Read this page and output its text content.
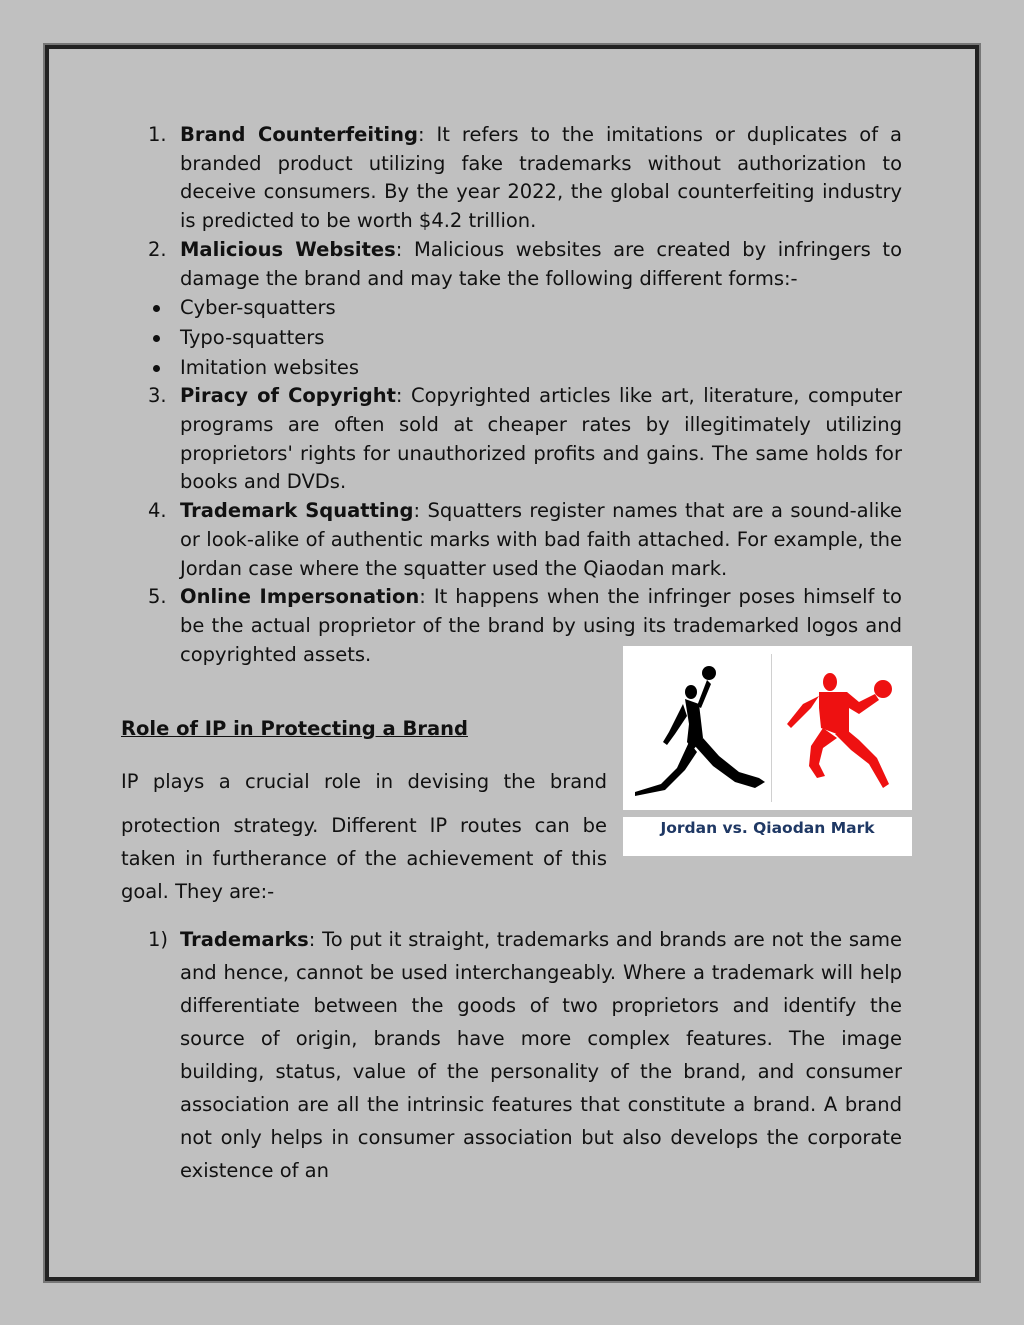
1. Brand Counterfeiting: It refers to the imitations or duplicates of a branded product utilizing fake trademarks without authorization to deceive consumers. By the year 2022, the global counterfeiting industry is predicted to be worth $4.2 trillion.
2. Malicious Websites: Malicious websites are created by infringers to damage the brand and may take the following different forms:-
Cyber-squatters
Typo-squatters
Imitation websites
3. Piracy of Copyright: Copyrighted articles like art, literature, computer programs are often sold at cheaper rates by illegitimately utilizing proprietors' rights for unauthorized profits and gains. The same holds for books and DVDs.
4. Trademark Squatting: Squatters register names that are a sound-alike or look-alike of authentic marks with bad faith attached. For example, the Jordan case where the squatter used the Qiaodan mark.
5. Online Impersonation: It happens when the infringer poses himself to be the actual proprietor of the brand by using its trademarked logos and copyrighted assets.
Jordan vs. Qiaodan Mark
Role of IP in Protecting a Brand
IP plays a crucial role in devising the brand
protection strategy. Different IP routes can be taken in furtherance of the achievement of this goal. They are:-
1) Trademarks: To put it straight, trademarks and brands are not the same and hence, cannot be used interchangeably. Where a trademark will help differentiate between the goods of two proprietors and identify the source of origin, brands have more complex features. The image building, status, value of the personality of the brand, and consumer association are all the intrinsic features that constitute a brand. A brand not only helps in consumer association but also develops the corporate existence of an
